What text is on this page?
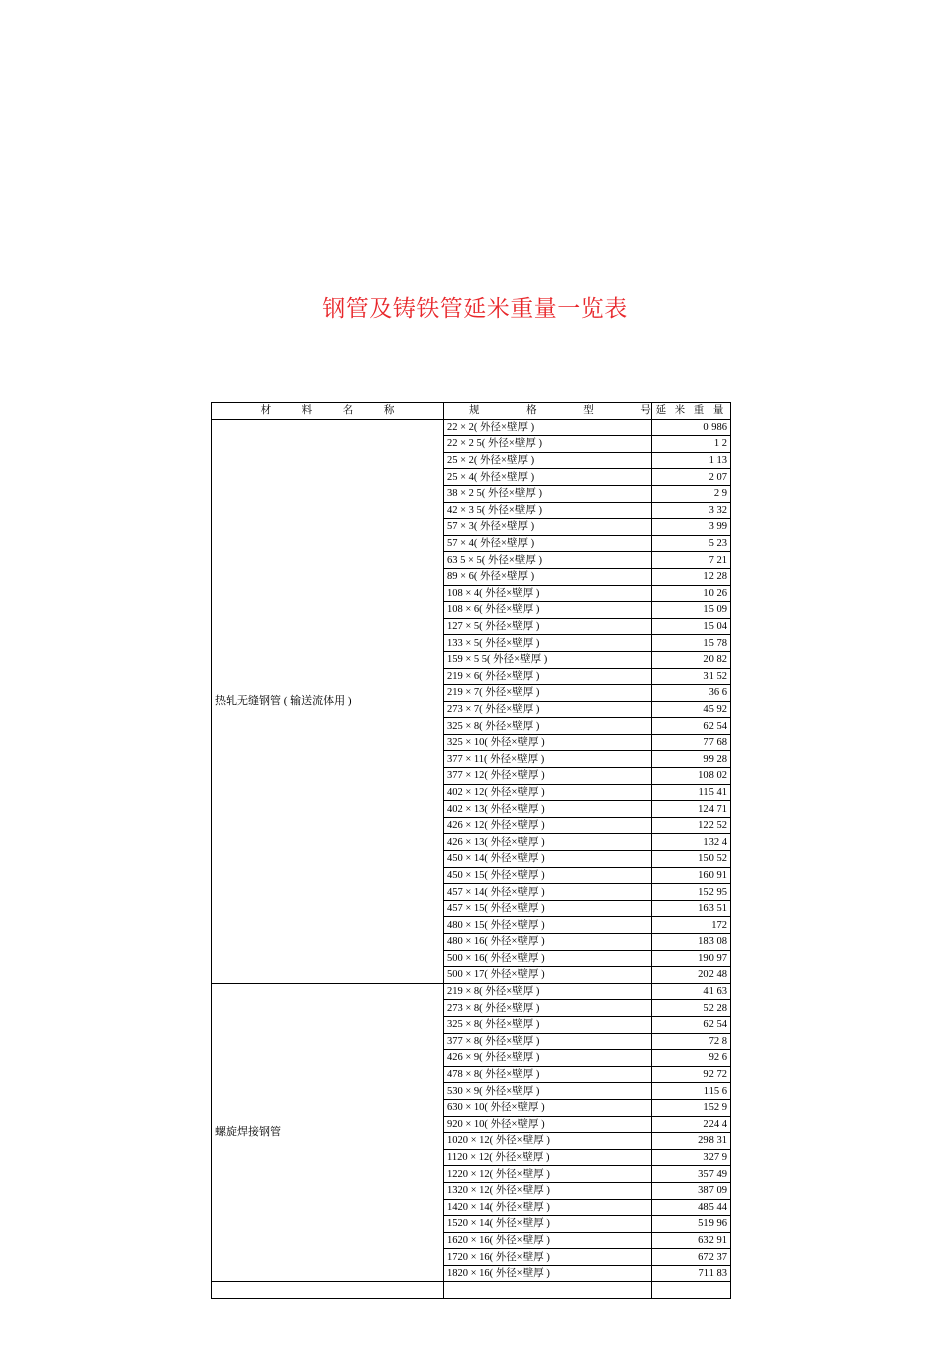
钢管及铸铁管延米重量一览表
材 料 名 称	规 格 型 号	延 米 重 量
热轧无缝钢管 ( 输送流体用 )	22 × 2( 外径×壁厚 )	0 986
	22 × 2 5( 外径×壁厚 )	1 2
	25 × 2( 外径×壁厚 )	1 13
	25 × 4( 外径×壁厚 )	2 07
	38 × 2 5( 外径×壁厚 )	2 9
	42 × 3 5( 外径×壁厚 )	3 32
	57 × 3( 外径×壁厚 )	3 99
	57 × 4( 外径×壁厚 )	5 23
	63 5 × 5( 外径×壁厚 )	7 21
	89 × 6( 外径×壁厚 )	12 28
	108 × 4( 外径×壁厚 )	10 26
	108 × 6( 外径×壁厚 )	15 09
	127 × 5( 外径×壁厚 )	15 04
	133 × 5( 外径×壁厚 )	15 78
	159 × 5 5( 外径×壁厚 )	20 82
	219 × 6( 外径×壁厚 )	31 52
	219 × 7( 外径×壁厚 )	36 6
	273 × 7( 外径×壁厚 )	45 92
	325 × 8( 外径×壁厚 )	62 54
	325 × 10( 外径×壁厚 )	77 68
	377 × 11( 外径×壁厚 )	99 28
	377 × 12( 外径×壁厚 )	108 02
	402 × 12( 外径×壁厚 )	115 41
	402 × 13( 外径×壁厚 )	124 71
	426 × 12( 外径×壁厚 )	122 52
	426 × 13( 外径×壁厚 )	132 4
	450 × 14( 外径×壁厚 )	150 52
	450 × 15( 外径×壁厚 )	160 91
	457 × 14( 外径×壁厚 )	152 95
	457 × 15( 外径×壁厚 )	163 51
	480 × 15( 外径×壁厚 )	172
	480 × 16( 外径×壁厚 )	183 08
	500 × 16( 外径×壁厚 )	190 97
	500 × 17( 外径×壁厚 )	202 48
螺旋焊接钢管	219 × 8( 外径×壁厚 )	41 63
	273 × 8( 外径×壁厚 )	52 28
	325 × 8( 外径×壁厚 )	62 54
	377 × 8( 外径×壁厚 )	72 8
	426 × 9( 外径×壁厚 )	92 6
	478 × 8( 外径×壁厚 )	92 72
	530 × 9( 外径×壁厚 )	115 6
	630 × 10( 外径×壁厚 )	152 9
	920 × 10( 外径×壁厚 )	224 4
	1020 × 12( 外径×壁厚 )	298 31
	1120 × 12( 外径×壁厚 )	327 9
	1220 × 12( 外径×壁厚 )	357 49
	1320 × 12( 外径×壁厚 )	387 09
	1420 × 14( 外径×壁厚 )	485 44
	1520 × 14( 外径×壁厚 )	519 96
	1620 × 16( 外径×壁厚 )	632 91
	1720 × 16( 外径×壁厚 )	672 37
	1820 × 16( 外径×壁厚 )	711 83
